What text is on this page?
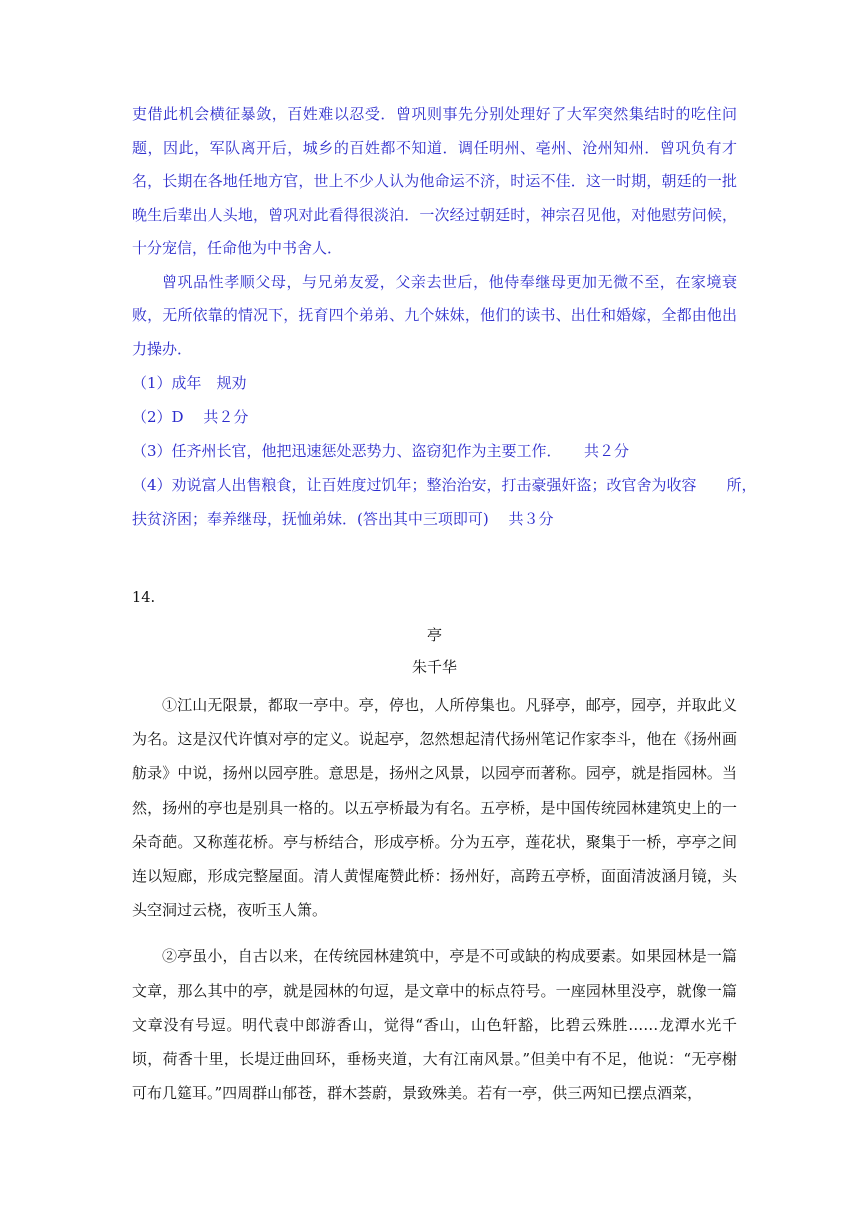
吏借此机会横征暴敛，百姓难以忍受．曾巩则事先分别处理好了大军突然集结时的吃住问题，因此，军队离开后，城乡的百姓都不知道．调任明州、亳州、沧州知州．曾巩负有才名，长期在各地任地方官，世上不少人认为他命运不济，时运不佳．这一时期，朝廷的一批晚生后辈出人头地，曾巩对此看得很淡泊．一次经过朝廷时，神宗召见他，对他慰劳问候，十分宠信，任命他为中书舍人．

曾巩品性孝顺父母，与兄弟友爱，父亲去世后，他侍奉继母更加无微不至，在家境衰败，无所依靠的情况下，抚育四个弟弟、九个妹妹，他们的读书、出仕和婚嫁，全都由他出力操办．

（1）成年　规劝

（2）D　 共２分

（3）任齐州长官，他把迅速惩处恶势力、盗窃犯作为主要工作．　　共２分

（4）劝说富人出售粮食，让百姓度过饥年；整治治安，打击豪强奸盗；改官舍为收容　　所，

扶贫济困；奉养继母，抚恤弟妹．(答出其中三项即可)　 共３分

14.

亭

朱千华

①江山无限景，都取一亭中。亭，停也，人所停集也。凡驿亭，邮亭，园亭，并取此义为名。这是汉代许慎对亭的定义。说起亭，忽然想起清代扬州笔记作家李斗，他在《扬州画舫录》中说，扬州以园亭胜。意思是，扬州之风景，以园亭而著称。园亭，就是指园林。当然，扬州的亭也是别具一格的。以五亭桥最为有名。五亭桥，是中国传统园林建筑史上的一朵奇葩。又称莲花桥。亭与桥结合，形成亭桥。分为五亭，莲花状，聚集于一桥，亭亭之间连以短廊，形成完整屋面。清人黄惺庵赞此桥：扬州好，高跨五亭桥，面面清波涵月镜，头头空洞过云桡，夜听玉人箫。

②亭虽小，自古以来，在传统园林建筑中，亭是不可或缺的构成要素。如果园林是一篇文章，那么其中的亭，就是园林的句逗，是文章中的标点符号。一座园林里没亭，就像一篇文章没有号逗。明代袁中郎游香山，觉得“香山，山色轩豁，比碧云殊胜……龙潭水光千顷，荷香十里，长堤迂曲回环，垂杨夹道，大有江南风景。”但美中有不足，他说：“无亭榭可布几筵耳。”四周群山郁苍，群木荟蔚，景致殊美。若有一亭，供三两知已摆点酒菜，
